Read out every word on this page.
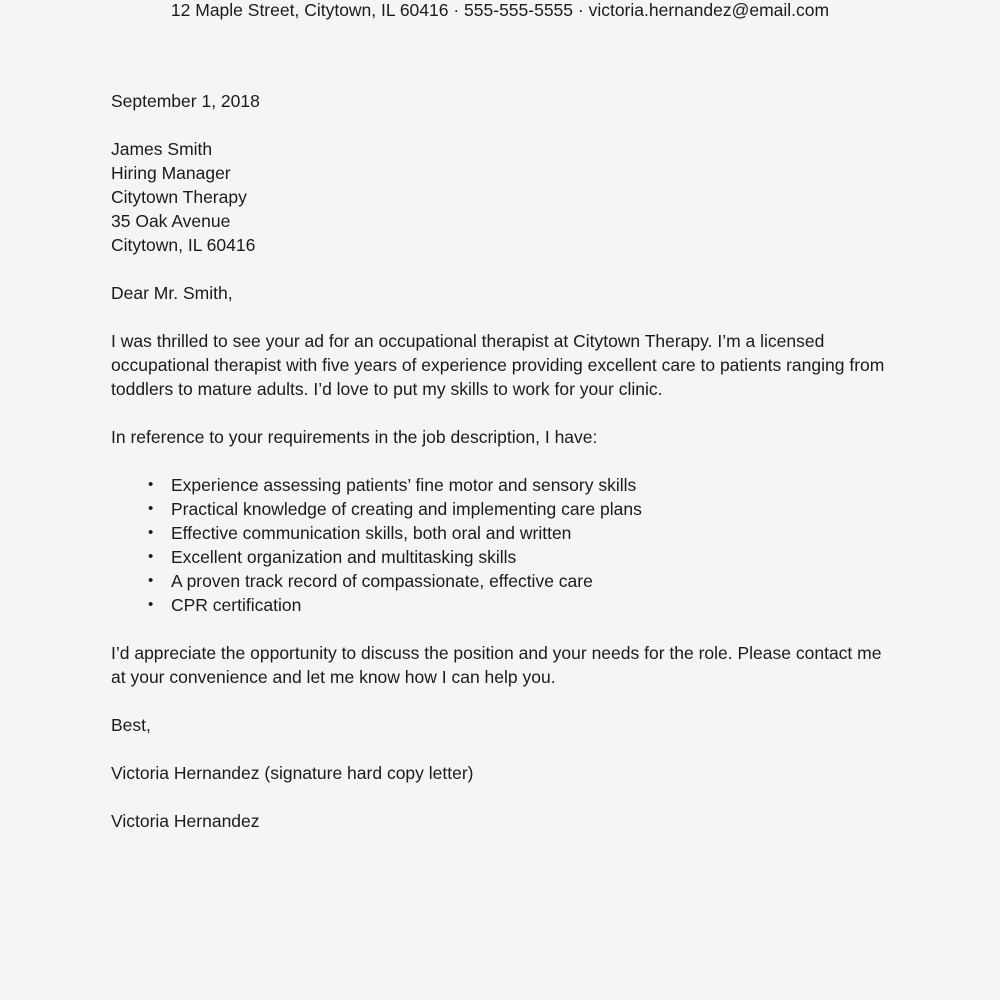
12 Maple Street, Citytown, IL 60416 · 555-555-5555 · victoria.hernandez@email.com

September 1, 2018

James Smith
Hiring Manager
Citytown Therapy
35 Oak Avenue
Citytown, IL 60416

Dear Mr. Smith,

I was thrilled to see your ad for an occupational therapist at Citytown Therapy. I’m a licensed occupational therapist with five years of experience providing excellent care to patients ranging from toddlers to mature adults. I’d love to put my skills to work for your clinic.

In reference to your requirements in the job description, I have:

• Experience assessing patients’ fine motor and sensory skills
• Practical knowledge of creating and implementing care plans
• Effective communication skills, both oral and written
• Excellent organization and multitasking skills
• A proven track record of compassionate, effective care
• CPR certification

I’d appreciate the opportunity to discuss the position and your needs for the role. Please contact me at your convenience and let me know how I can help you.

Best,

Victoria Hernandez (signature hard copy letter)

Victoria Hernandez
